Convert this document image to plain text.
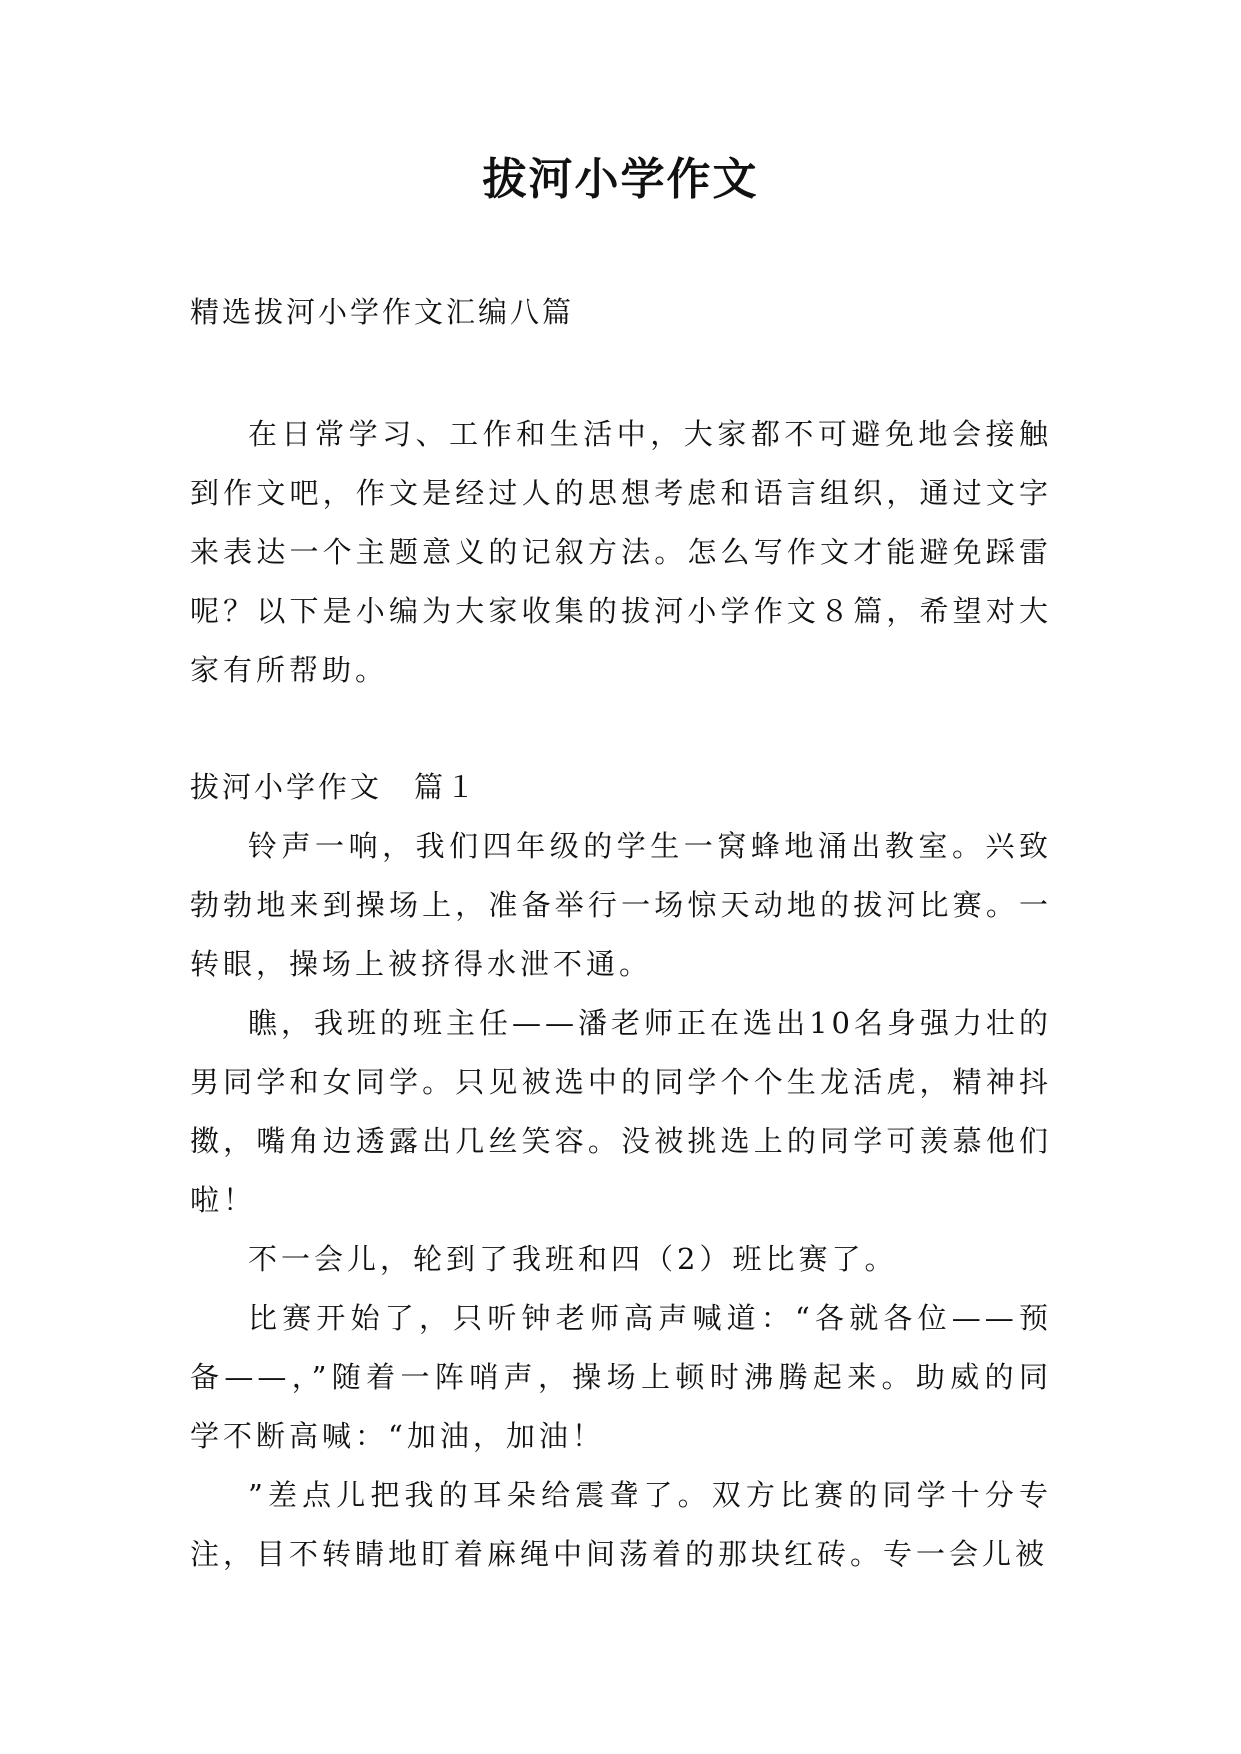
拔河小学作文

精选拔河小学作文汇编八篇

在日常学习、工作和生活中，大家都不可避免地会接触到作文吧，作文是经过人的思想考虑和语言组织，通过文字来表达一个主题意义的记叙方法。怎么写作文才能避免踩雷呢？以下是小编为大家收集的拔河小学作文８篇，希望对大家有所帮助。

拔河小学作文　篇１

铃声一响，我们四年级的学生一窝蜂地涌出教室。兴致勃勃地来到操场上，准备举行一场惊天动地的拔河比赛。一转眼，操场上被挤得水泄不通。

瞧，我班的班主任——潘老师正在选出10名身强力壮的男同学和女同学。只见被选中的同学个个生龙活虎，精神抖擞，嘴角边透露出几丝笑容。没被挑选上的同学可羡慕他们啦！

不一会儿，轮到了我班和四（2）班比赛了。

比赛开始了，只听钟老师高声喊道：“各就各位——预备——，”随着一阵哨声，操场上顿时沸腾起来。助威的同学不断高喊：“加油，加油！

”差点儿把我的耳朵给震聋了。双方比赛的同学十分专注，目不转睛地盯着麻绳中间荡着的那块红砖。专一会儿被
